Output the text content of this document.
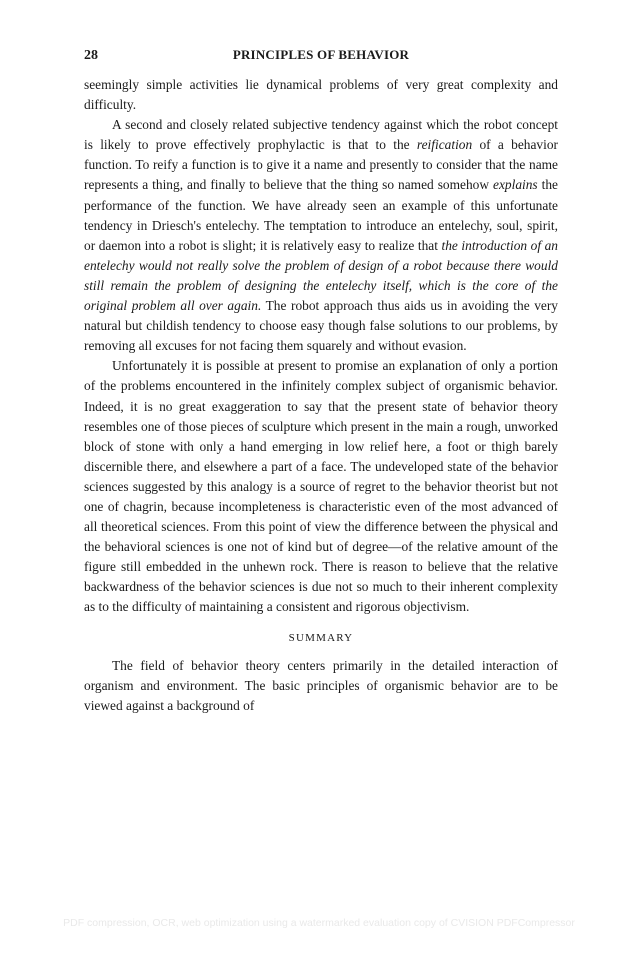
28	PRINCIPLES OF BEHAVIOR

seemingly simple activities lie dynamical problems of very great complexity and difficulty.

A second and closely related subjective tendency against which the robot concept is likely to prove effectively prophylactic is that to the reification of a behavior function. To reify a function is to give it a name and presently to consider that the name represents a thing, and finally to believe that the thing so named somehow explains the performance of the function. We have already seen an example of this unfortunate tendency in Driesch's entelechy. The temptation to introduce an entelechy, soul, spirit, or daemon into a robot is slight; it is relatively easy to realize that the introduction of an entelechy would not really solve the problem of design of a robot because there would still remain the problem of designing the entelechy itself, which is the core of the original problem all over again. The robot approach thus aids us in avoiding the very natural but childish tendency to choose easy though false solutions to our problems, by removing all excuses for not facing them squarely and without evasion.

Unfortunately it is possible at present to promise an explanation of only a portion of the problems encountered in the infinitely complex subject of organismic behavior. Indeed, it is no great exaggeration to say that the present state of behavior theory resembles one of those pieces of sculpture which present in the main a rough, unworked block of stone with only a hand emerging in low relief here, a foot or thigh barely discernible there, and elsewhere a part of a face. The undeveloped state of the behavior sciences suggested by this analogy is a source of regret to the behavior theorist but not one of chagrin, because incompleteness is characteristic even of the most advanced of all theoretical sciences. From this point of view the difference between the physical and the behavioral sciences is one not of kind but of degree—of the relative amount of the figure still embedded in the unhewn rock. There is reason to believe that the relative backwardness of the behavior sciences is due not so much to their inherent complexity as to the difficulty of maintaining a consistent and rigorous objectivism.

SUMMARY

The field of behavior theory centers primarily in the detailed interaction of organism and environment. The basic principles of organismic behavior are to be viewed against a background of

PDF compression, OCR, web optimization using a watermarked evaluation copy of CVISION PDFCompressor
